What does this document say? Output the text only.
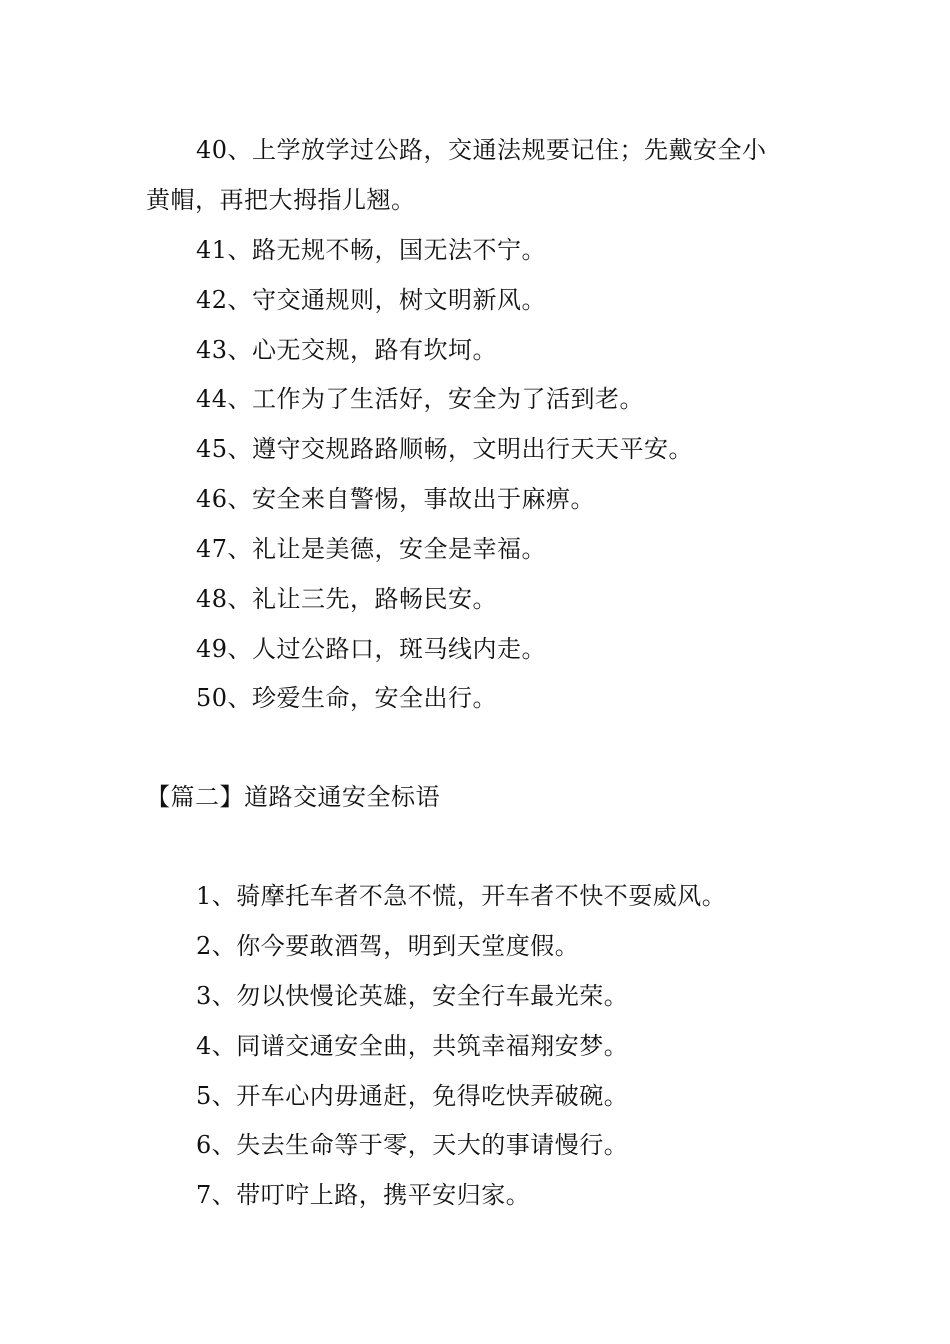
40、上学放学过公路，交通法规要记住；先戴安全小
黄帽，再把大拇指儿翘。
41、路无规不畅，国无法不宁。
42、守交通规则，树文明新风。
43、心无交规，路有坎坷。
44、工作为了生活好，安全为了活到老。
45、遵守交规路路顺畅，文明出行天天平安。
46、安全来自警惕，事故出于麻痹。
47、礼让是美德，安全是幸福。
48、礼让三先，路畅民安。
49、人过公路口，斑马线内走。
50、珍爱生命，安全出行。
【篇二】道路交通安全标语
1、骑摩托车者不急不慌，开车者不快不耍威风。
2、你今要敢酒驾，明到天堂度假。
3、勿以快慢论英雄，安全行车最光荣。
4、同谱交通安全曲，共筑幸福翔安梦。
5、开车心内毋通赶，免得吃快弄破碗。
6、失去生命等于零，天大的事请慢行。
7、带叮咛上路，携平安归家。
